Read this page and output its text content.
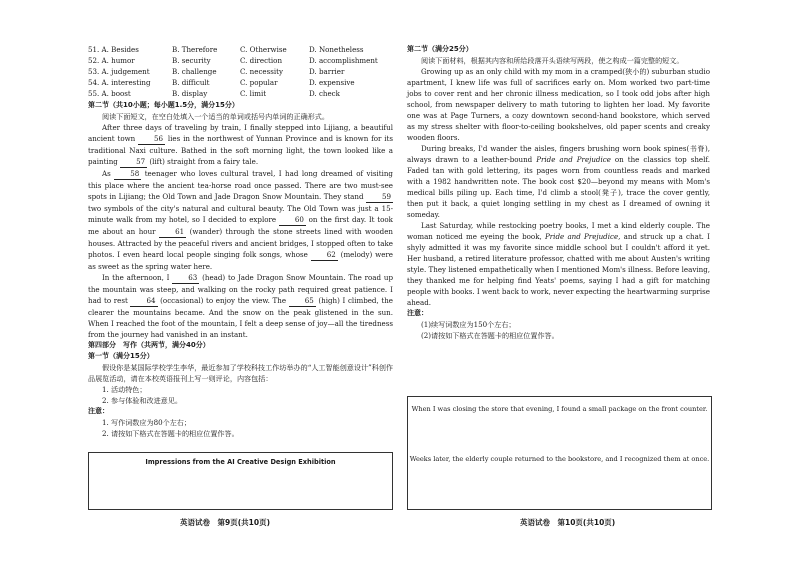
51. A. Besides	B. Therefore	C. Otherwise	D. Nonetheless
52. A. humor	B. security	C. direction	D. accomplishment
53. A. judgement	B. challenge	C. necessity	D. barrier
54. A. interesting	B. difficult	C. popular	D. expensive
55. A. boost	B. display	C. limit	D. check
第二节（共10小题；每小题1.5分，满分15分）

阅读下面短文，在空白处填入一个适当的单词或括号内单词的正确形式。

After three days of traveling by train, I finally stepped into Lijiang, a beautiful ancient town	56 lies in the northwest of Yunnan Province and is known for its traditional Naxi culture. Bathed in the soft morning light, the town looked like a painting 57 (lift) straight from a fairy tale.

As 58 teenager who loves cultural travel, I had long dreamed of visiting this place where the ancient tea-horse road once passed. There are two must-see spots in Lijiang; the Old Town and Jade Dragon Snow Mountain. They stand 59 two symbols of the city's natural and cultural beauty. The Old Town was just a 15-minute walk from my hotel, so I decided to explore 60 on the first day. It took me about an hour 61 (wander) through the stone streets lined with wooden houses. Attracted by the peaceful rivers and ancient bridges, I stopped often to take photos. I even heard local people singing folk songs, whose 62 (melody) were as sweet as the spring water here.

In the afternoon, I 63 (head) to Jade Dragon Snow Mountain. The road up the mountain was steep, and walking on the rocky path required great patience. I had to rest 64 (occasional) to enjoy the view. The 65 (high) I climbed, the clearer the mountains became. And the snow on the peak glistened in the sun. When I reached the foot of the mountain, I felt a deep sense of joy—all the tiredness from the journey had vanished in an instant.

第四部分　写作（共两节，满分40分）
第一节（满分15分）

假设你是某国际学校学生李华，最近参加了学校科技工作坊举办的“人工智能创意设计”科创作品展览活动，请在本校英语报刊上写一则评论，内容包括：

1. 活动特色；

2. 参与体验和改进意见。

注意：

1. 写作词数应为80个左右；

2. 请按如下格式在答题卡的相应位置作答。

Impressions from the AI Creative Design Exhibition
英语试卷　第9页(共10页)
第二节（满分25分）

阅读下面材料，根据其内容和所给段落开头语续写两段，使之构成一篇完整的短文。

Growing up as an only child with my mom in a cramped(狭小的) suburban studio apartment, I knew life was full of sacrifices early on. Mom worked two part-time jobs to cover rent and her chronic illness medication, so I took odd jobs after high school, from newspaper delivery to math tutoring to lighten her load. My favorite one was at Page Turners, a cozy downtown second-hand bookstore, which served as my stress shelter with floor-to-ceiling bookshelves, old paper scents and creaky wooden floors.

During breaks, I'd wander the aisles, fingers brushing worn book spines(书脊), always drawn to a leather-bound Pride and Prejudice on the classics top shelf. Faded tan with gold lettering, its pages worn from countless reads and marked with a 1982 handwritten note. The book cost $20—beyond my means with Mom's medical bills piling up. Each time, I'd climb a stool(凳子), trace the cover gently, then put it back, a quiet longing settling in my chest as I dreamed of owning it someday.

Last Saturday, while restocking poetry books, I met a kind elderly couple. The woman noticed me eyeing the book, Pride and Prejudice, and struck up a chat. I shyly admitted it was my favorite since middle school but I couldn't afford it yet. Her husband, a retired literature professor, chatted with me about Austen's writing style. They listened empathetically when I mentioned Mom's illness. Before leaving, they thanked me for helping find Yeats' poems, saying I had a gift for matching people with books. I went back to work, never expecting the heartwarming surprise ahead.

注意：

(1)续写词数应为150个左右；

(2)请按如下格式在答题卡的相应位置作答。

When I was closing the store that evening, I found a small package on the front counter.
Weeks later, the elderly couple returned to the bookstore, and I recognized them at once.
英语试卷　第10页(共10页)
